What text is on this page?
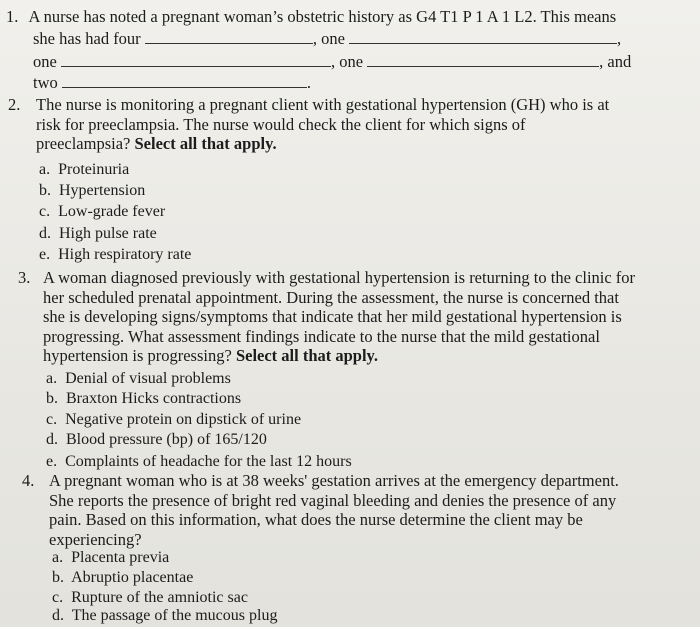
1. A nurse has noted a pregnant woman’s obstetric history as G4 T1 P 1 A 1 L2. This means
she has had four	, one	,
one	, one	, and
two	.
2. The nurse is monitoring a pregnant client with gestational hypertension (GH) who is at
risk for preeclampsia. The nurse would check the client for which signs of
preeclampsia? Select all that apply.
a. Proteinuria
b. Hypertension
c. Low-grade fever
d. High pulse rate
e. High respiratory rate
3. A woman diagnosed previously with gestational hypertension is returning to the clinic for
her scheduled prenatal appointment. During the assessment, the nurse is concerned that
she is developing signs/symptoms that indicate that her mild gestational hypertension is
progressing. What assessment findings indicate to the nurse that the mild gestational
hypertension is progressing? Select all that apply.
a. Denial of visual problems
b. Braxton Hicks contractions
c. Negative protein on dipstick of urine
d. Blood pressure (bp) of 165/120
e. Complaints of headache for the last 12 hours
4. A pregnant woman who is at 38 weeks' gestation arrives at the emergency department.
She reports the presence of bright red vaginal bleeding and denies the presence of any
pain. Based on this information, what does the nurse determine the client may be
experiencing?
a. Placenta previa
b. Abruptio placentae
c. Rupture of the amniotic sac
d. The passage of the mucous plug
